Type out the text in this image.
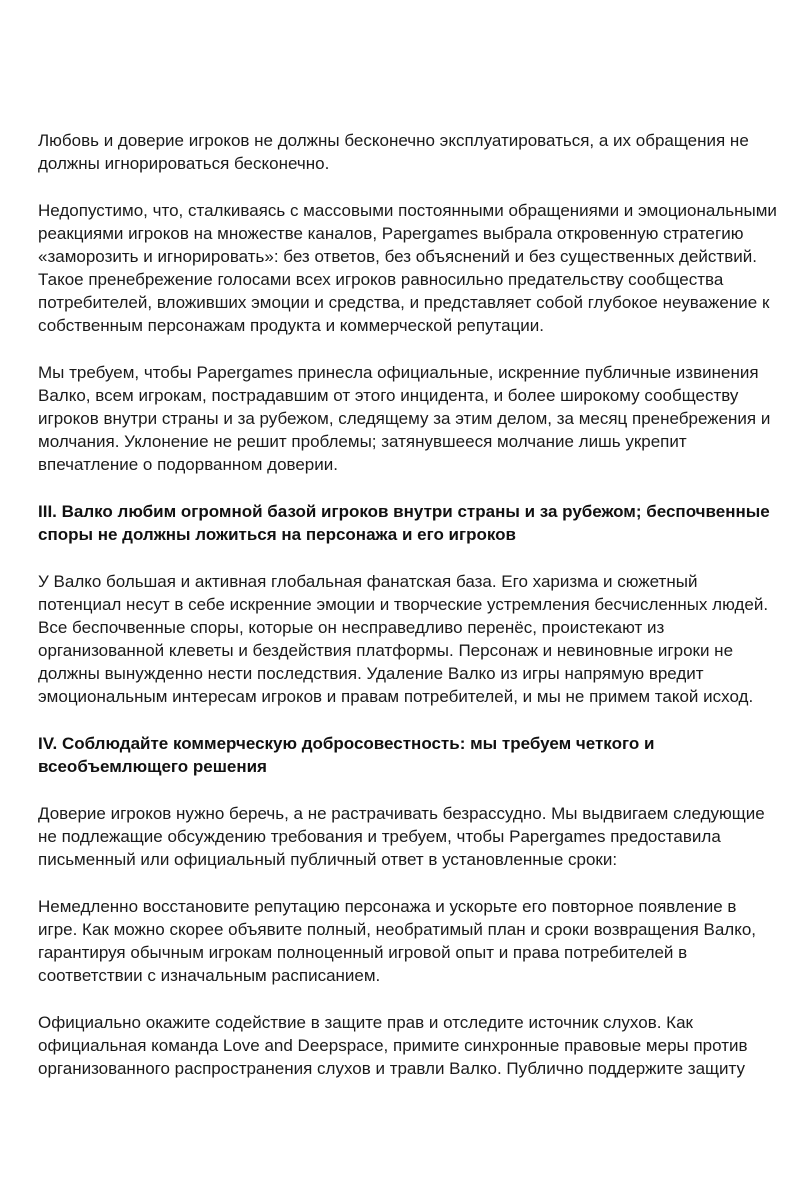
Любовь и доверие игроков не должны бесконечно эксплуатироваться, а их обращения не должны игнорироваться бесконечно.

Недопустимо, что, сталкиваясь с массовыми постоянными обращениями и эмоциональными реакциями игроков на множестве каналов, Papergames выбрала откровенную стратегию «заморозить и игнорировать»: без ответов, без объяснений и без существенных действий. Такое пренебрежение голосами всех игроков равносильно предательству сообщества потребителей, вложивших эмоции и средства, и представляет собой глубокое неуважение к собственным персонажам продукта и коммерческой репутации.

Мы требуем, чтобы Papergames принесла официальные, искренние публичные извинения Валко, всем игрокам, пострадавшим от этого инцидента, и более широкому сообществу игроков внутри страны и за рубежом, следящему за этим делом, за месяц пренебрежения и молчания. Уклонение не решит проблемы; затянувшееся молчание лишь укрепит впечатление о подорванном доверии.

III. Валко любим огромной базой игроков внутри страны и за рубежом; беспочвенные споры не должны ложиться на персонажа и его игроков

У Валко большая и активная глобальная фанатская база. Его харизма и сюжетный потенциал несут в себе искренние эмоции и творческие устремления бесчисленных людей. Все беспочвенные споры, которые он несправедливо перенёс, проистекают из организованной клеветы и бездействия платформы. Персонаж и невиновные игроки не должны вынужденно нести последствия. Удаление Валко из игры напрямую вредит эмоциональным интересам игроков и правам потребителей, и мы не примем такой исход.

IV. Соблюдайте коммерческую добросовестность: мы требуем четкого и всеобъемлющего решения

Доверие игроков нужно беречь, а не растрачивать безрассудно. Мы выдвигаем следующие не подлежащие обсуждению требования и требуем, чтобы Papergames предоставила письменный или официальный публичный ответ в установленные сроки:

Немедленно восстановите репутацию персонажа и ускорьте его повторное появление в игре. Как можно скорее объявите полный, необратимый план и сроки возвращения Валко, гарантируя обычным игрокам полноценный игровой опыт и права потребителей в соответствии с изначальным расписанием.

Официально окажите содействие в защите прав и отследите источник слухов. Как официальная команда Love and Deepspace, примите синхронные правовые меры против организованного распространения слухов и травли Валко. Публично поддержите защиту
